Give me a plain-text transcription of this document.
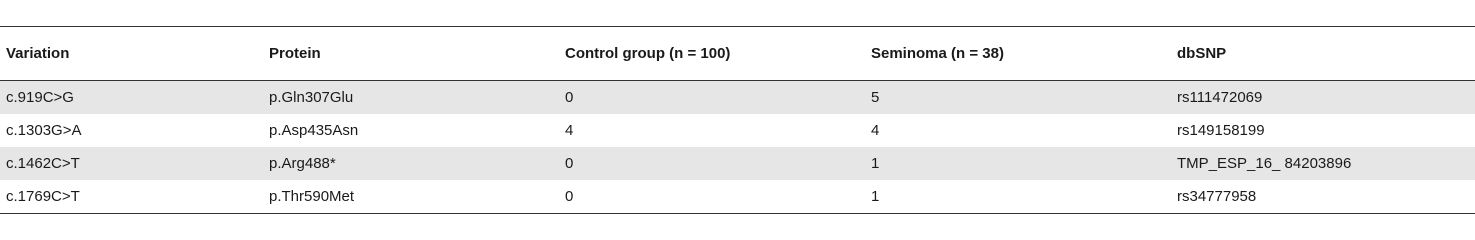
Variation	Protein	Control group (n = 100)	Seminoma (n = 38)	dbSNP
c.919C>G	p.Gln307Glu	0	5	rs111472069
c.1303G>A	p.Asp435Asn	4	4	rs149158199
c.1462C>T	p.Arg488*	0	1	TMP_ESP_16_ 84203896
c.1769C>T	p.Thr590Met	0	1	rs34777958
